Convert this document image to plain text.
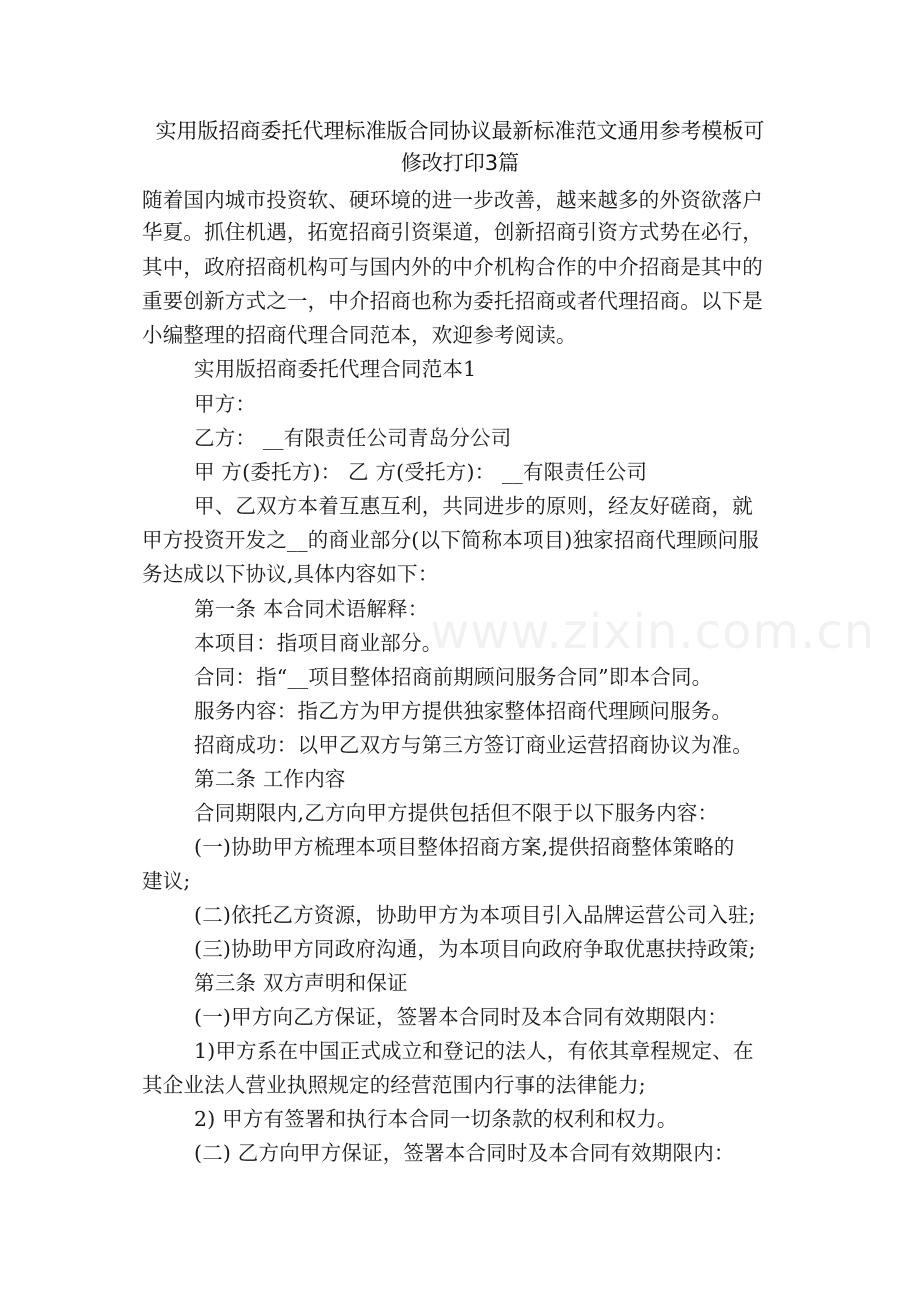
www.zixin.com.cn
实用版招商委托代理标准版合同协议最新标准范文通用参考模板可
修改打印3篇
随着国内城市投资软、硬环境的进一步改善，越来越多的外资欲落户
华夏。抓住机遇，拓宽招商引资渠道，创新招商引资方式势在必行，
其中，政府招商机构可与国内外的中介机构合作的中介招商是其中的
重要创新方式之一，中介招商也称为委托招商或者代理招商。以下是
小编整理的招商代理合同范本，欢迎参考阅读。
实用版招商委托代理合同范本1
甲方：
乙方： __有限责任公司青岛分公司
甲 方(委托方)： 乙 方(受托方)： __有限责任公司
甲、乙双方本着互惠互利，共同进步的原则，经友好磋商，就
甲方投资开发之__的商业部分(以下简称本项目)独家招商代理顾问服
务达成以下协议,具体内容如下：
第一条 本合同术语解释：
本项目：指项目商业部分。
合同：指“__项目整体招商前期顾问服务合同”即本合同。
服务内容：指乙方为甲方提供独家整体招商代理顾问服务。
招商成功：以甲乙双方与第三方签订商业运营招商协议为准。
第二条 工作内容
合同期限内,乙方向甲方提供包括但不限于以下服务内容：
(一)协助甲方梳理本项目整体招商方案,提供招商整体策略的
建议;
(二)依托乙方资源，协助甲方为本项目引入品牌运营公司入驻;
(三)协助甲方同政府沟通，为本项目向政府争取优惠扶持政策;
第三条 双方声明和保证
(一)甲方向乙方保证，签署本合同时及本合同有效期限内：
1)甲方系在中国正式成立和登记的法人，有依其章程规定、在
其企业法人营业执照规定的经营范围内行事的法律能力;
2) 甲方有签署和执行本合同一切条款的权利和权力。
(二) 乙方向甲方保证，签署本合同时及本合同有效期限内：
